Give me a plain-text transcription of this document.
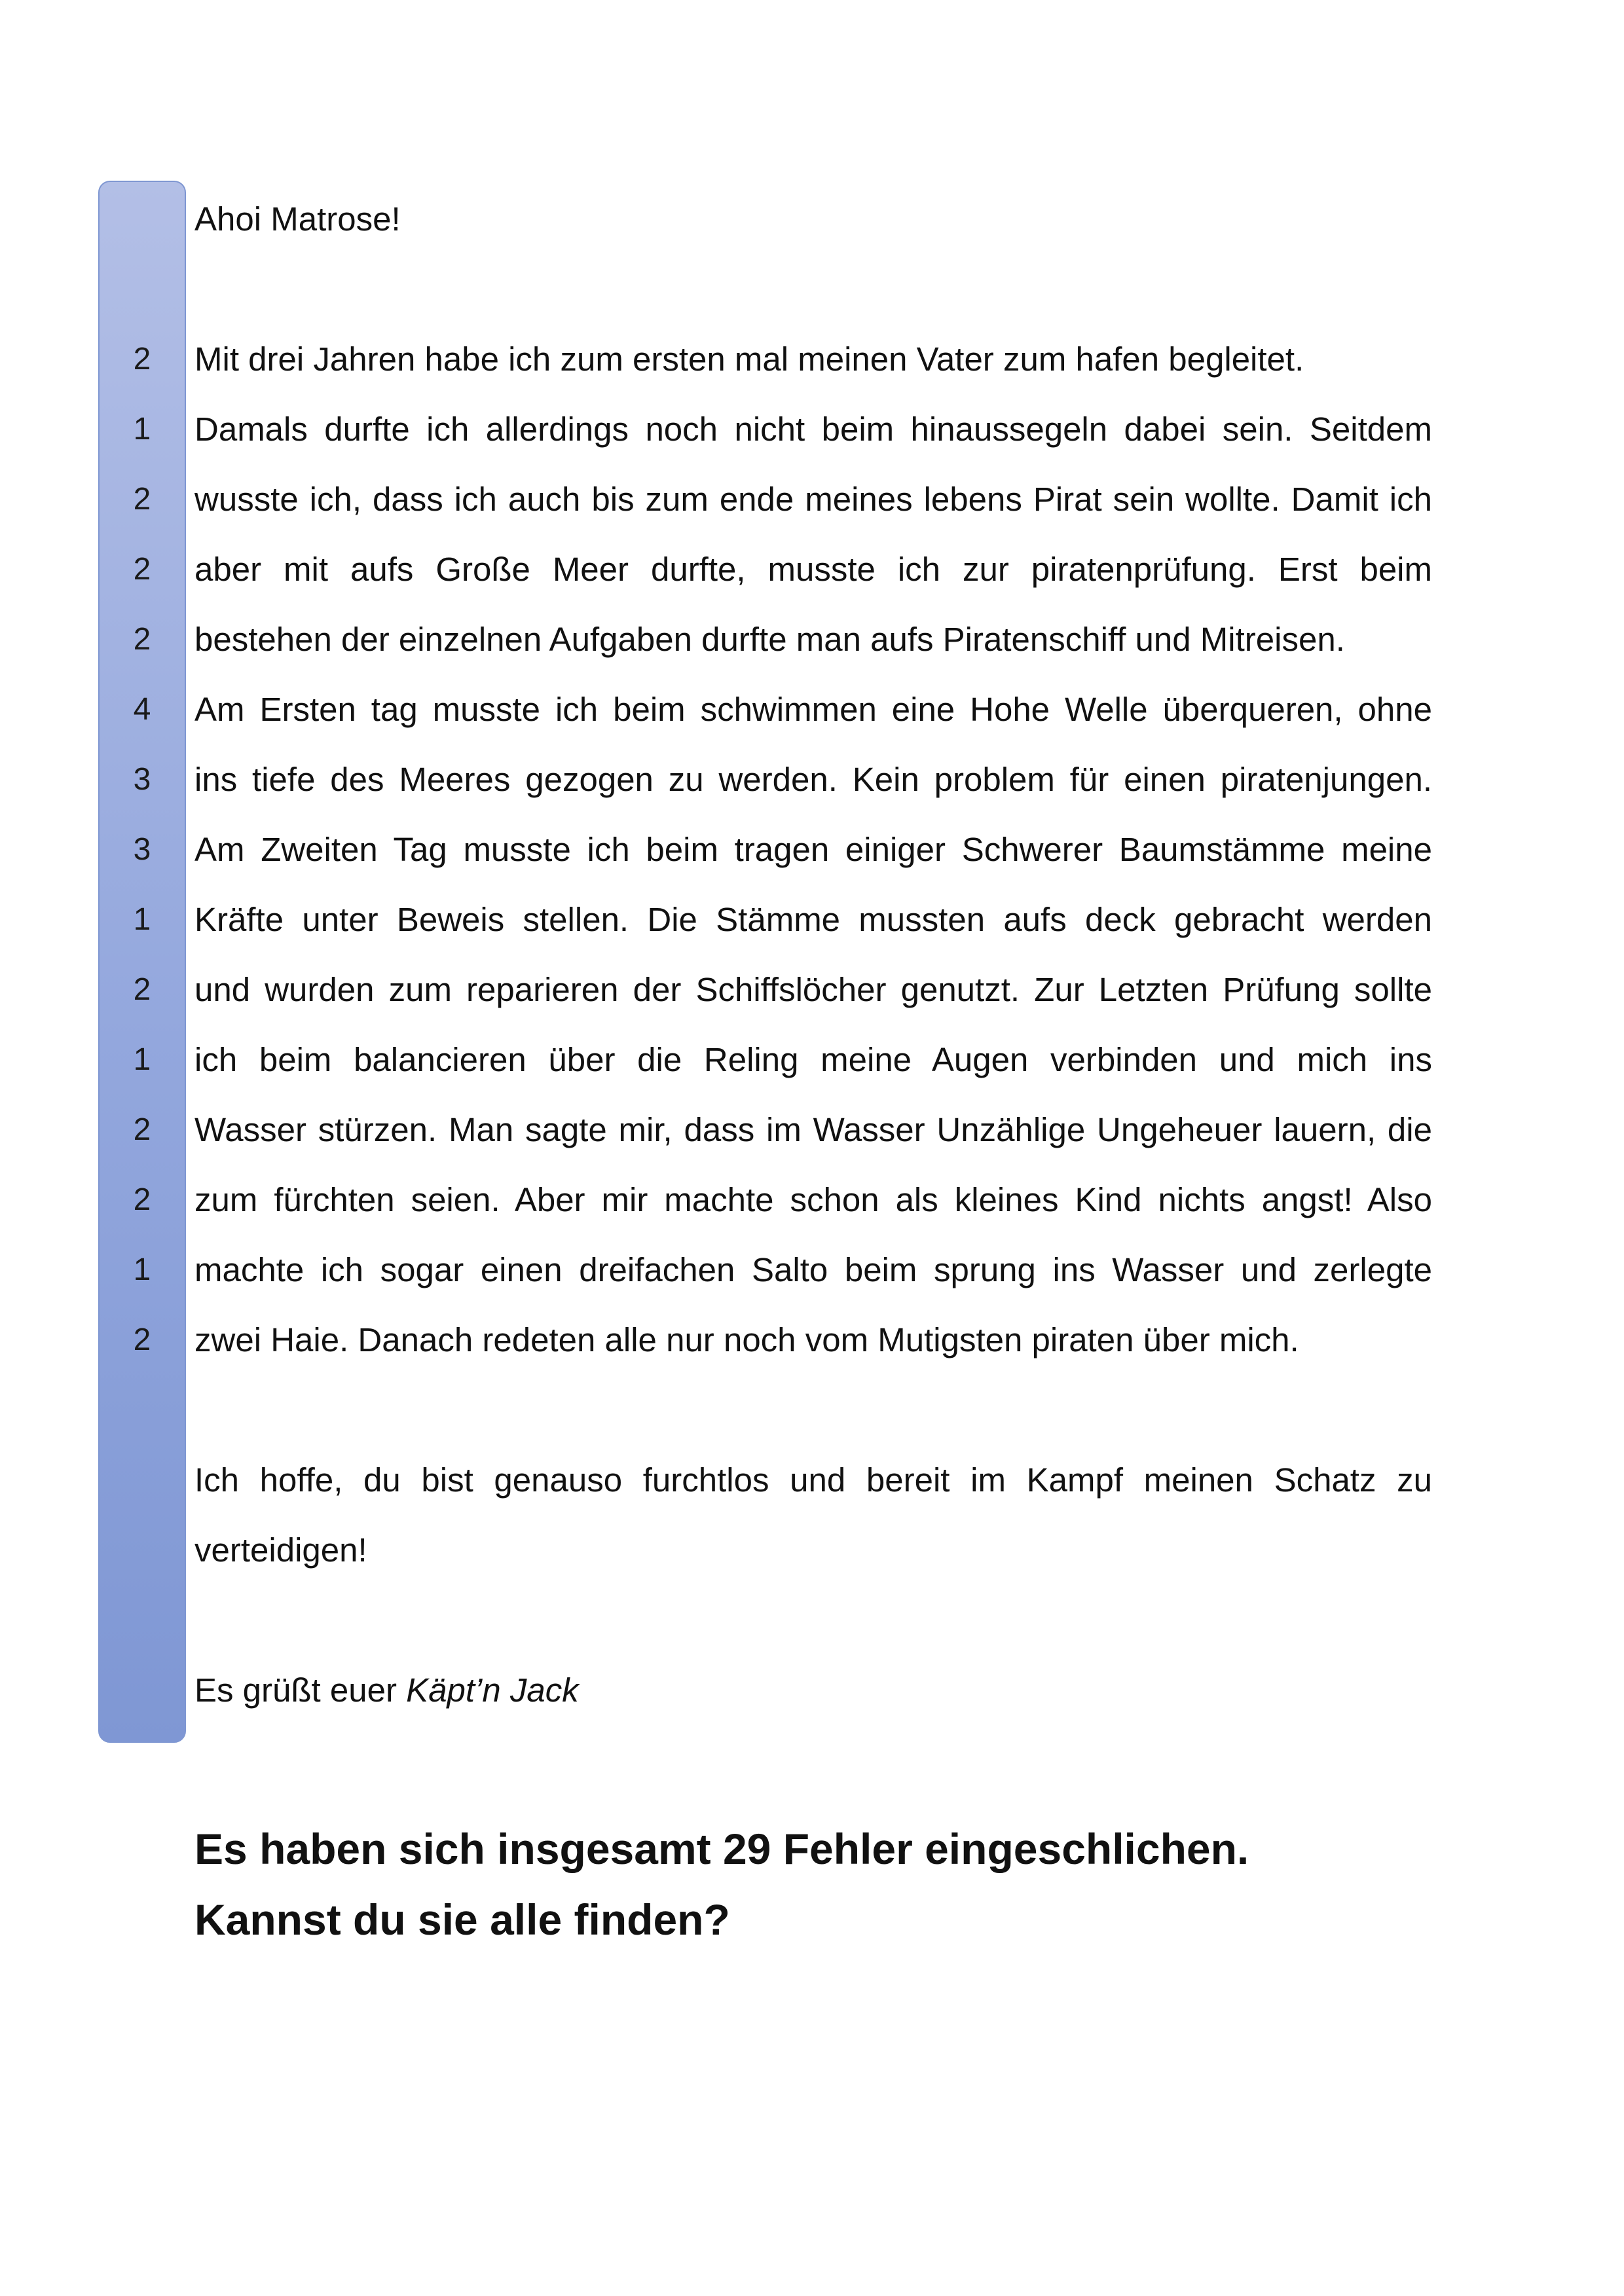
2
1
2
2
2
4
3
3
1
2
1
2
2
1
2
Ahoi Matrose!
Mit drei Jahren habe ich zum ersten mal meinen Vater zum hafen begleitet.
Damals durfte ich allerdings noch nicht beim hinaussegeln dabei sein. Seitdem
wusste ich, dass ich auch bis zum ende meines lebens Pirat sein wollte. Damit ich
aber mit aufs Große Meer durfte, musste ich zur piratenprüfung. Erst beim
bestehen der einzelnen Aufgaben durfte man aufs Piratenschiff und Mitreisen.
Am Ersten tag musste ich beim schwimmen eine Hohe Welle überqueren, ohne
ins tiefe des Meeres gezogen zu werden. Kein problem für einen piratenjungen.
Am Zweiten Tag musste ich beim tragen einiger Schwerer Baumstämme meine
Kräfte unter Beweis stellen. Die Stämme mussten aufs deck gebracht werden
und wurden zum reparieren der Schiffslöcher genutzt. Zur Letzten Prüfung sollte
ich beim balancieren über die Reling meine Augen verbinden und mich ins
Wasser stürzen. Man sagte mir, dass im Wasser Unzählige Ungeheuer lauern, die
zum fürchten seien. Aber mir machte schon als kleines Kind nichts angst! Also
machte ich sogar einen dreifachen Salto beim sprung ins Wasser und zerlegte
zwei Haie. Danach redeten alle nur noch vom Mutigsten piraten über mich.
Ich hoffe, du bist genauso furchtlos und bereit im Kampf meinen Schatz zu
verteidigen!
Es grüßt euer Käpt’n Jack
Es haben sich insgesamt 29 Fehler eingeschlichen.
Kannst du sie alle finden?
